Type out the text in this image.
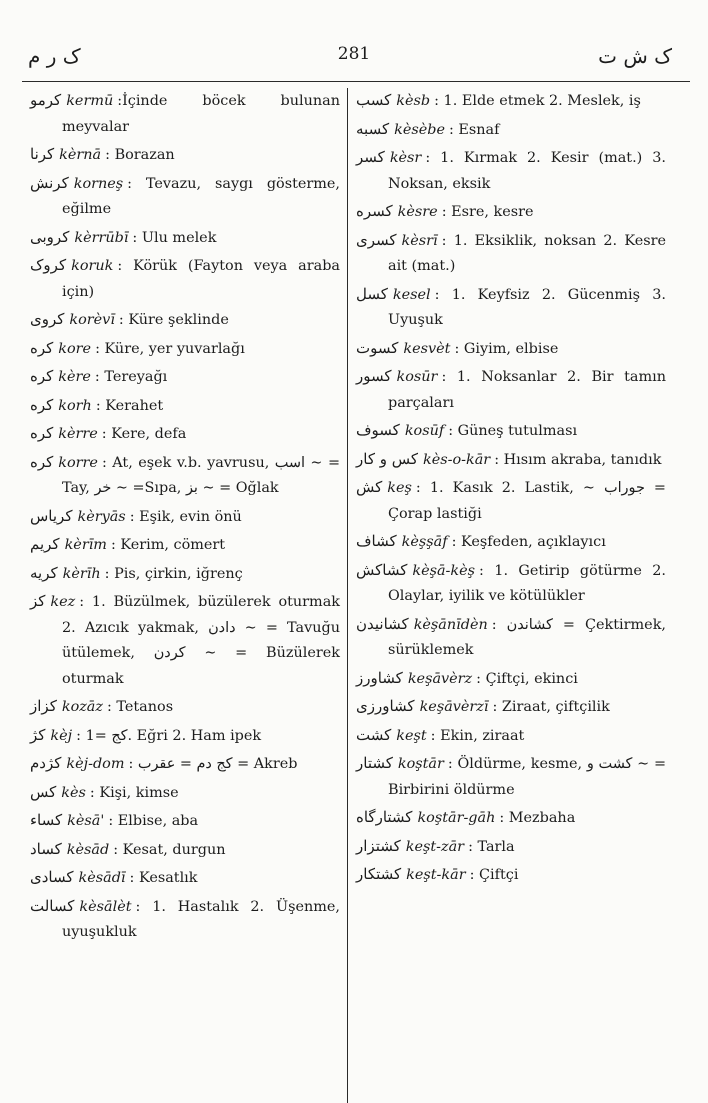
ک ر م	281	ک ش ت

کرمو kermū :İçinde böcek bulunan meyvalar

کرنا kèrnā : Borazan

کرنش korneş : Tevazu, saygı gösterme, eğilme

کروبی kèrrūbī : Ulu melek

کروک koruk : Körük (Fayton veya araba için)

کروی korèvī : Küre şeklinde

کره kore : Küre, yer yuvarlağı

کره kère : Tereyağı

کره korh : Kerahet

کره kèrre : Kere, defa

کره korre : At, eşek v.b. yavrusu, اسب ∼ = Tay, خر ∼ =Sıpa, بز ∼ = Oğlak

کریاس kèryās : Eşik, evin önü

کریم kèrīm : Kerim, cömert

کریه kèrīh : Pis, çirkin, iğrenç

کز kez : 1. Büzülmek, büzülerek oturmak 2. Azıcık yakmak, دادن ∼ = Tavuğu ütülemek, کردن ∼ = Büzülerek oturmak

کزاز kozāz : Tetanos

کژ kèj : کج =1. Eğri 2. Ham ipek

کژدم kèj-dom : کج دم = عقرب = Akreb

کس kès : Kişi, kimse

کساء kèsā' : Elbise, aba

کساد kèsād : Kesat, durgun

کسادی kèsādī : Kesatlık

کسالت kèsālèt : 1. Hastalık 2. Üşenme, uyuşukluk

کسب kèsb : 1. Elde etmek 2. Meslek, iş

کسبه kèsèbe : Esnaf

کسر kèsr : 1. Kırmak 2. Kesir (mat.) 3. Noksan, eksik

کسره kèsre : Esre, kesre

کسری kèsrī : 1. Eksiklik, noksan 2. Kesre ait (mat.)

کسل kesel : 1. Keyfsiz 2. Gücenmiş 3. Uyuşuk

کسوت kesvèt : Giyim, elbise

کسور kosūr : 1. Noksanlar 2. Bir tamın parçaları

کسوف kosūf : Güneş tutulması

کس و کار kès-o-kār : Hısım akraba, tanıdık

کش keş : 1. Kasık 2. Lastik, ∼ جوراب = Çorap lastiği

کشاف kèşşāf : Keşfeden, açıklayıcı

کشاکش kèşā-kèş : 1. Getirip götürme 2. Olaylar, iyilik ve kötülükler

کشانیدن kèşānīdèn : کشاندن = Çektirmek, sürüklemek

کشاورز keşāvèrz : Çiftçi, ekinci

کشاورزی keşāvèrzī : Ziraat, çiftçilik

کشت keşt : Ekin, ziraat

کشتار koştār : Öldürme, kesme, کشت و ∼ = Birbirini öldürme

کشتارگاه koştār-gāh : Mezbaha

کشتزار keşt-zār : Tarla

کشتکار keşt-kār : Çiftçi
